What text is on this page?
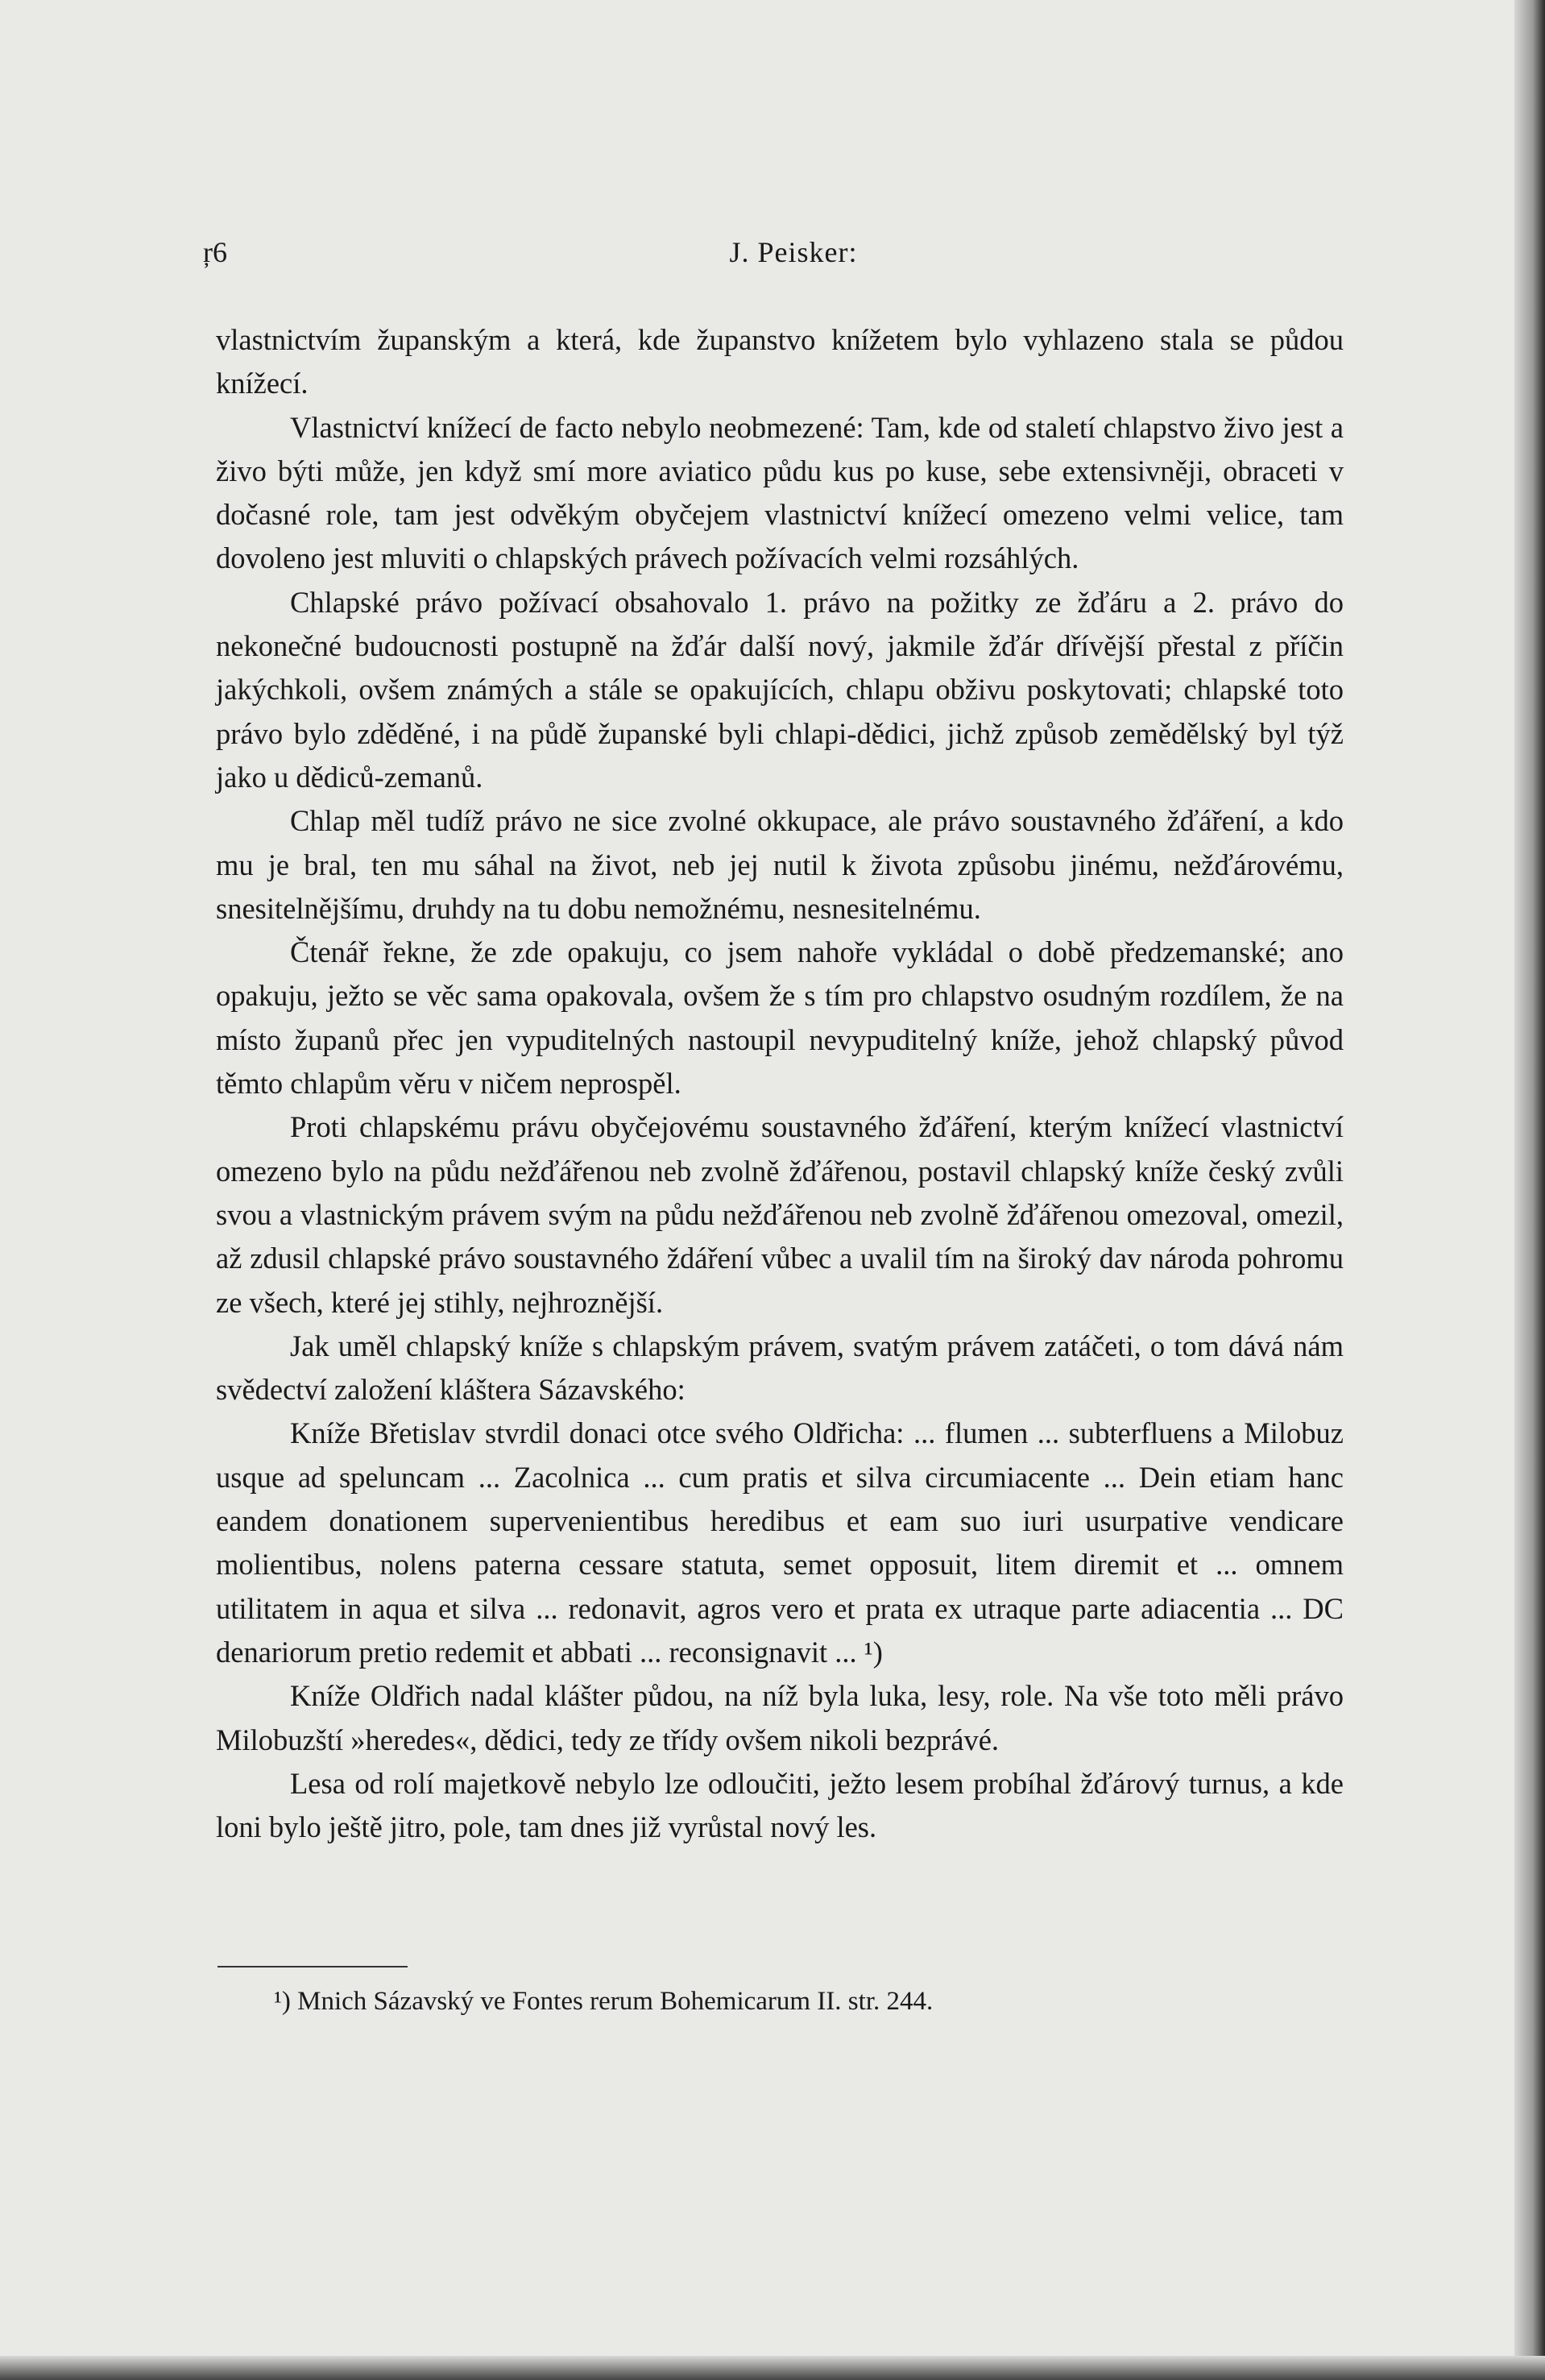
ŗ6	J. Peisker:

vlastnictvím županským a která, kde županstvo knížetem bylo vyhlazeno stala se půdou knížecí.

Vlastnictví knížecí de facto nebylo neobmezené: Tam, kde od staletí chlapstvo živo jest a živo býti může, jen když smí more aviatico půdu kus po kuse, sebe extensivněji, obraceti v dočasné role, tam jest odvěkým obyčejem vlastnictví knížecí omezeno velmi velice, tam dovoleno jest mluviti o chlapských právech požívacích velmi rozsáhlých.

Chlapské právo požívací obsahovalo 1. právo na požitky ze žďáru a 2. právo do nekonečné budoucnosti postupně na žďár další nový, jakmile žďár dřívější přestal z příčin jakýchkoli, ovšem známých a stále se opakujících, chlapu obživu poskytovati; chlapské toto právo bylo zděděné, i na půdě županské byli chlapi-dědici, jichž způsob zemědělský byl týž jako u dědiců-zemanů.

Chlap měl tudíž právo ne sice zvolné okkupace, ale právo soustavného žďáření, a kdo mu je bral, ten mu sáhal na život, neb jej nutil k života způsobu jinému, nežďárovému, snesitelnějšímu, druhdy na tu dobu nemožnému, nesnesitelnému.

Čtenář řekne, že zde opakuju, co jsem nahoře vykládal o době předzemanské; ano opakuju, ježto se věc sama opakovala, ovšem že s tím pro chlapstvo osudným rozdílem, že na místo županů přec jen vypuditelných nastoupil nevypuditelný kníže, jehož chlapský původ těmto chlapům věru v ničem neprospěl.

Proti chlapskému právu obyčejovému soustavného žďáření, kterým knížecí vlastnictví omezeno bylo na půdu nežďářenou neb zvolně žďářenou, postavil chlapský kníže český zvůli svou a vlastnickým právem svým na půdu nežďářenou neb zvolně žďářenou omezoval, omezil, až zdusil chlapské právo soustavného ždáření vůbec a uvalil tím na široký dav národa pohromu ze všech, které jej stihly, nejhroznější.

Jak uměl chlapský kníže s chlapským právem, svatým právem zatáčeti, o tom dává nám svědectví založení kláštera Sázavského:

Kníže Břetislav stvrdil donaci otce svého Oldřicha: ... flumen ... subterfluens a Milobuz usque ad speluncam ... Zacolnica ... cum pratis et silva circumiacente ... Dein etiam hanc eandem donationem supervenientibus heredibus et eam suo iuri usurpative vendicare molientibus, nolens paterna cessare statuta, semet opposuit, litem diremit et ... omnem utilitatem in aqua et silva ... redonavit, agros vero et prata ex utraque parte adiacentia ... DC denariorum pretio redemit et abbati ... reconsignavit ... ¹)

Kníže Oldřich nadal klášter půdou, na níž byla luka, lesy, role. Na vše toto měli právo Milobuzští »heredes«, dědici, tedy ze třídy ovšem nikoli bezprávé.

Lesa od rolí majetkově nebylo lze odloučiti, ježto lesem probíhal žďárový turnus, a kde loni bylo ještě jitro, pole, tam dnes již vyrůstal nový les.

¹) Mnich Sázavský ve Fontes rerum Bohemicarum II. str. 244.
